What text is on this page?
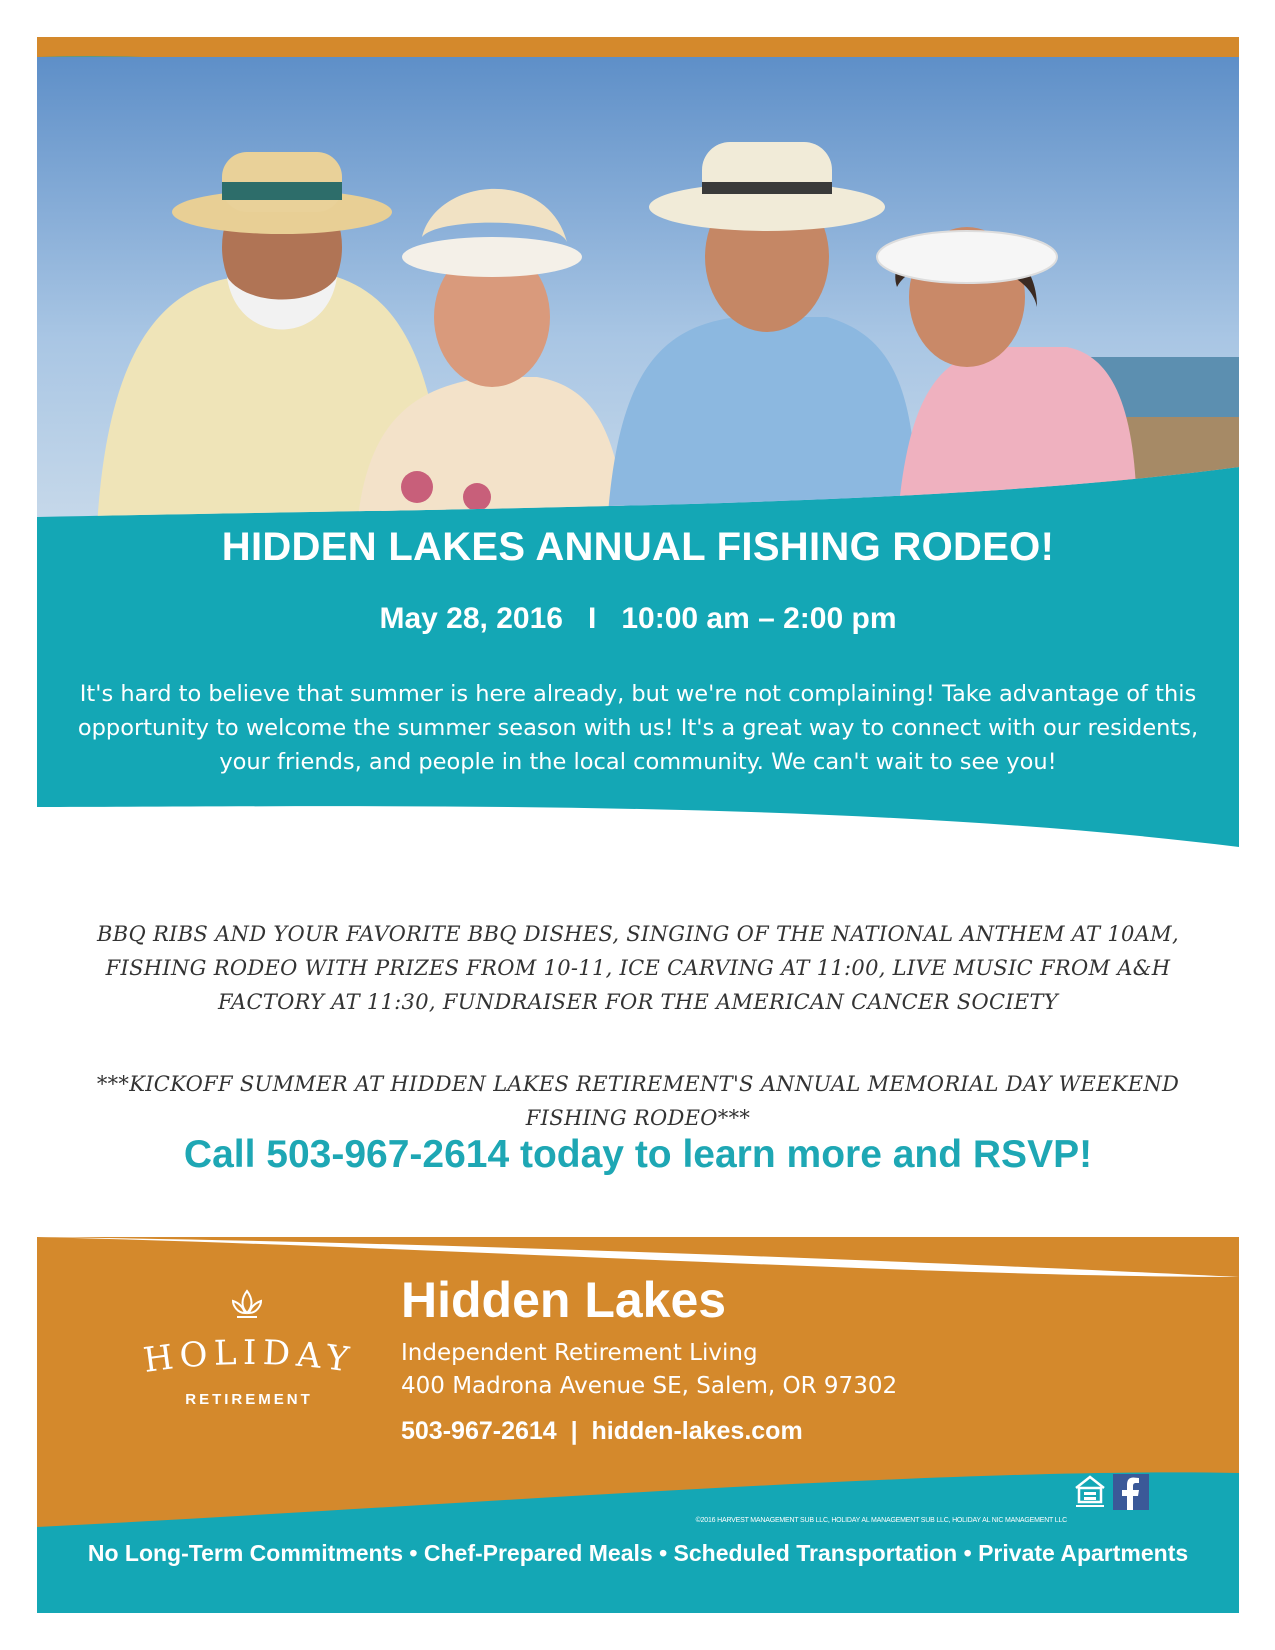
HIDDEN LAKES ANNUAL FISHING RODEO!
May 28, 2016 I 10:00 am – 2:00 pm
It's hard to believe that summer is here already, but we're not complaining! Take advantage of this opportunity to welcome the summer season with us! It's a great way to connect with our residents, your friends, and people in the local community. We can't wait to see you!
BBQ RIBS AND YOUR FAVORITE BBQ DISHES, SINGING OF THE NATIONAL ANTHEM AT 10AM, FISHING RODEO WITH PRIZES FROM 10-11, ICE CARVING AT 11:00, LIVE MUSIC FROM A&H FACTORY AT 11:30, FUNDRAISER FOR THE AMERICAN CANCER SOCIETY
***KICKOFF SUMMER AT HIDDEN LAKES RETIREMENT'S ANNUAL MEMORIAL DAY WEEKEND FISHING RODEO***
Call 503-967-2614 today to learn more and RSVP!
HOLIDAY
RETIREMENT
Hidden Lakes
Independent Retirement Living
400 Madrona Avenue SE, Salem, OR 97302
503-967-2614 | hidden-lakes.com
©2016 HARVEST MANAGEMENT SUB LLC, HOLIDAY AL MANAGEMENT SUB LLC, HOLIDAY AL NIC MANAGEMENT LLC
No Long-Term Commitments • Chef-Prepared Meals • Scheduled Transportation • Private Apartments
